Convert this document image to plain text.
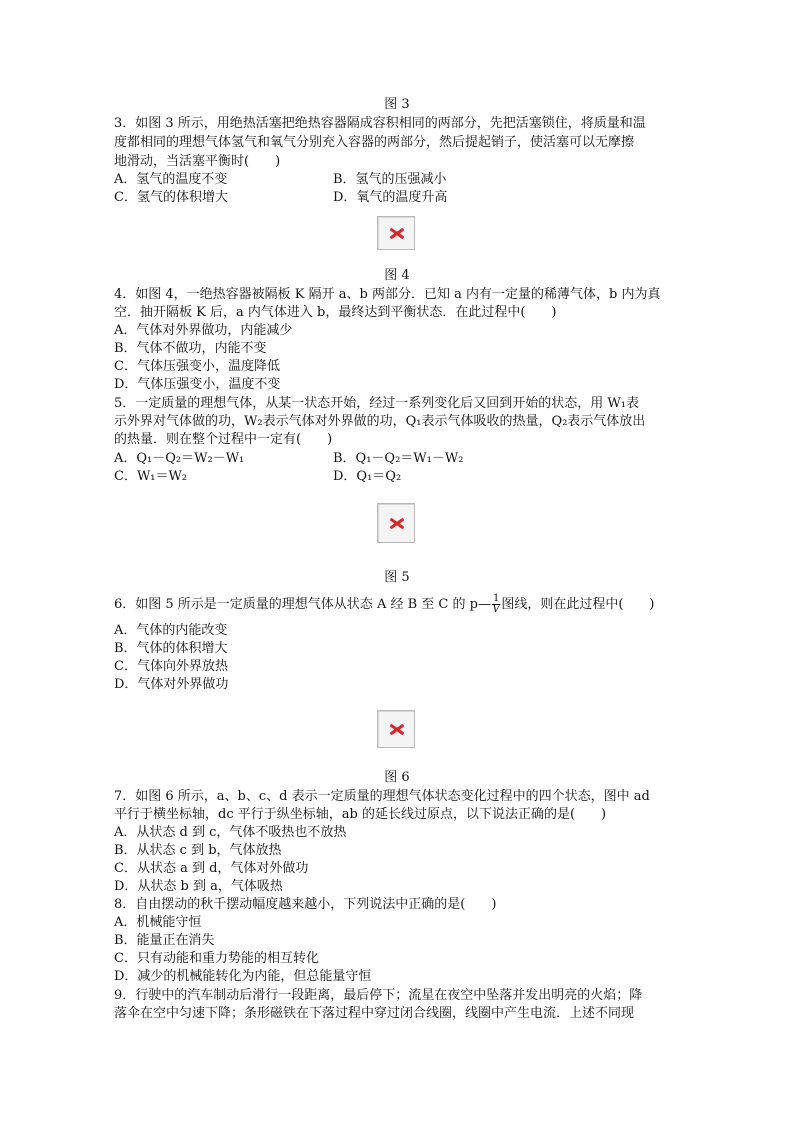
图 3
3．如图 3 所示，用绝热活塞把绝热容器隔成容积相同的两部分，先把活塞锁住，将质量和温
度都相同的理想气体氢气和氧气分别充入容器的两部分，然后提起销子，使活塞可以无摩擦
地滑动，当活塞平衡时(　　)
A．氢气的温度不变	B．氢气的压强减小
C．氢气的体积增大	D．氧气的温度升高
图 4
4．如图 4，一绝热容器被隔板 K 隔开 a、b 两部分．已知 a 内有一定量的稀薄气体，b 内为真
空．抽开隔板 K 后，a 内气体进入 b，最终达到平衡状态．在此过程中(　　)
A．气体对外界做功，内能减少
B．气体不做功，内能不变
C．气体压强变小，温度降低
D．气体压强变小，温度不变
5．一定质量的理想气体，从某一状态开始，经过一系列变化后又回到开始的状态，用 W₁表
示外界对气体做的功，W₂表示气体对外界做的功，Q₁表示气体吸收的热量，Q₂表示气体放出
的热量．则在整个过程中一定有(　　)
A．Q₁－Q₂＝W₂－W₁	B．Q₁－Q₂＝W₁－W₂
C．W₁＝W₂	D．Q₁＝Q₂
图 5
6．如图 5 所示是一定质量的理想气体从状态 A 经 B 至 C 的 p— $\frac{1}{V}$ 图线，则在此过程中(　　)
A．气体的内能改变
B．气体的体积增大
C．气体向外界放热
D．气体对外界做功
图 6
7．如图 6 所示，a、b、c、d 表示一定质量的理想气体状态变化过程中的四个状态，图中 ad
平行于横坐标轴，dc 平行于纵坐标轴，ab 的延长线过原点，以下说法正确的是(　　)
A．从状态 d 到 c，气体不吸热也不放热
B．从状态 c 到 b，气体放热
C．从状态 a 到 d，气体对外做功
D．从状态 b 到 a，气体吸热
8．自由摆动的秋千摆动幅度越来越小，下列说法中正确的是(　　)
A．机械能守恒
B．能量正在消失
C．只有动能和重力势能的相互转化
D．减少的机械能转化为内能，但总能量守恒
9．行驶中的汽车制动后滑行一段距离，最后停下；流星在夜空中坠落并发出明亮的火焰；降
落伞在空中匀速下降；条形磁铁在下落过程中穿过闭合线圈，线圈中产生电流．上述不同现
